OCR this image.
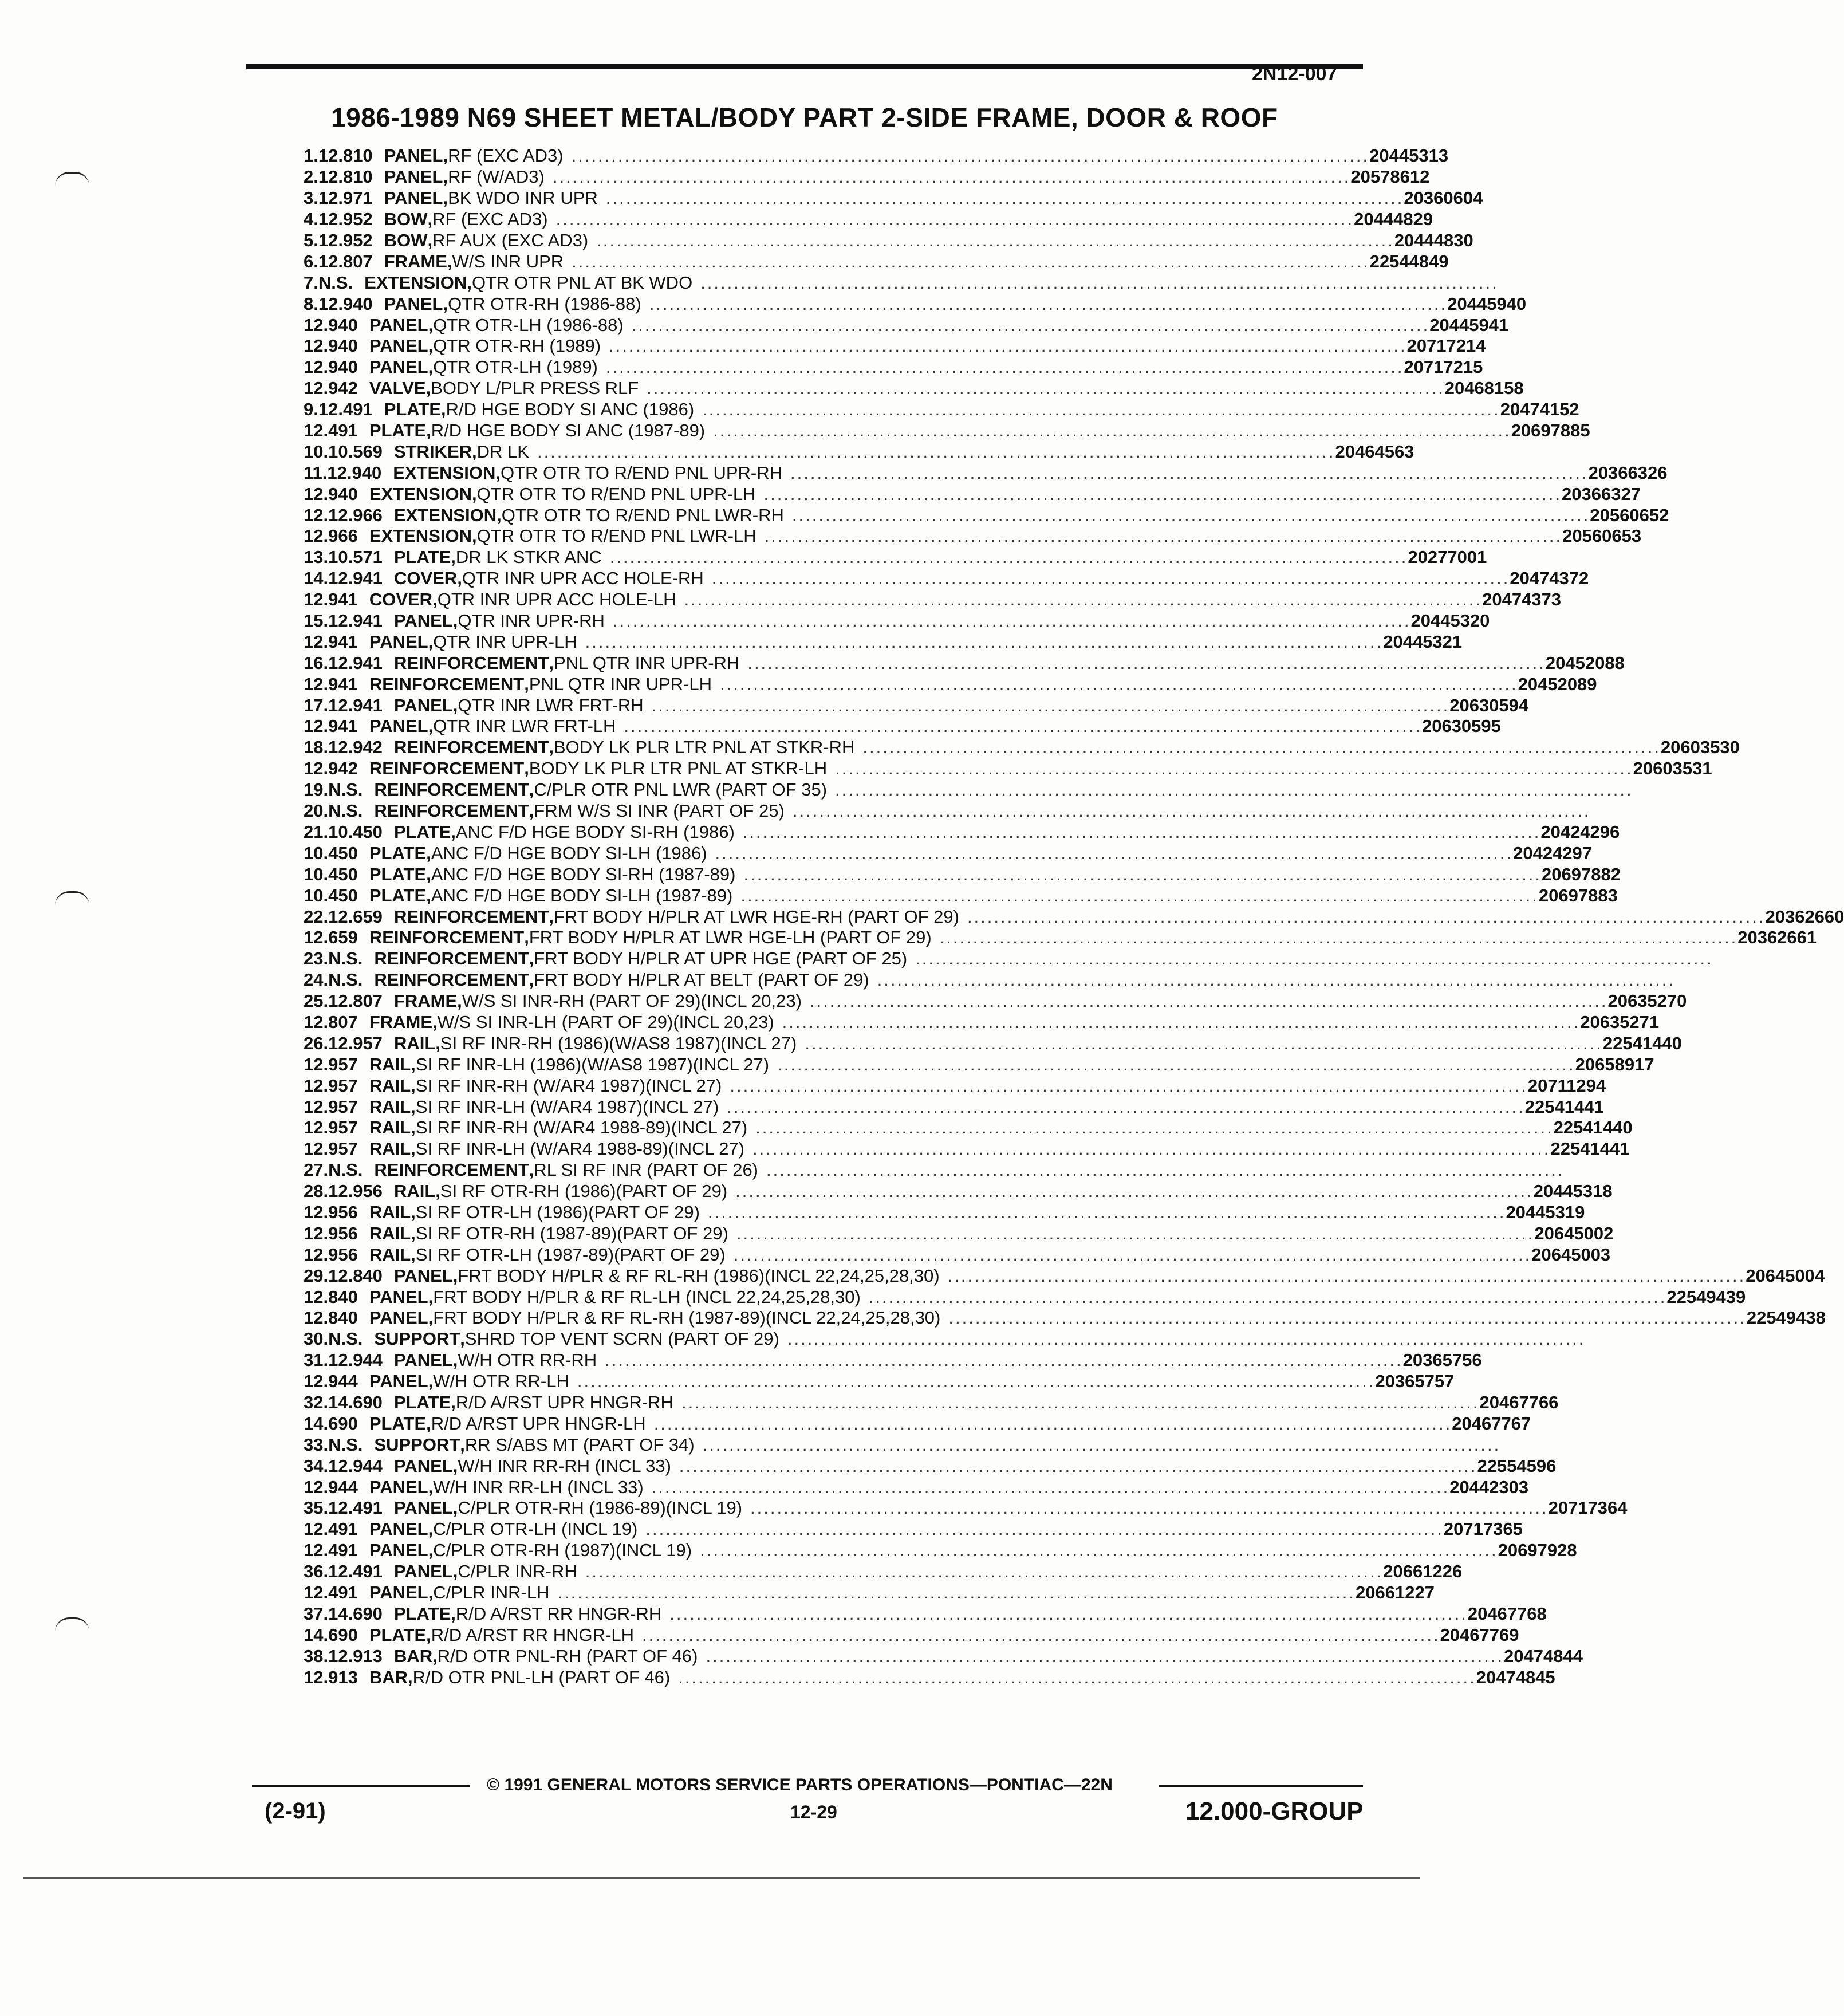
2N12-007
1986-1989 N69 SHEET METAL/BODY PART 2-SIDE FRAME, DOOR & ROOF
1. 12.810 PANEL , RF (EXC AD3) ........................................................................................................................ 20445313
2. 12.810 PANEL , RF (W/AD3) ........................................................................................................................ 20578612
3. 12.971 PANEL , BK WDO INR UPR ........................................................................................................................ 20360604
4. 12.952 BOW , RF (EXC AD3) ........................................................................................................................ 20444829
5. 12.952 BOW , RF AUX (EXC AD3) ........................................................................................................................ 20444830
6. 12.807 FRAME , W/S INR UPR ........................................................................................................................ 22544849
7. N.S. EXTENSION , QTR OTR PNL AT BK WDO ........................................................................................................................
8. 12.940 PANEL , QTR OTR-RH (1986-88) ........................................................................................................................ 20445940
12.940 PANEL , QTR OTR-LH (1986-88) ........................................................................................................................ 20445941
12.940 PANEL , QTR OTR-RH (1989) ........................................................................................................................ 20717214
12.940 PANEL , QTR OTR-LH (1989) ........................................................................................................................ 20717215
12.942 VALVE , BODY L/PLR PRESS RLF ........................................................................................................................ 20468158
9. 12.491 PLATE , R/D HGE BODY SI ANC (1986) ........................................................................................................................ 20474152
12.491 PLATE , R/D HGE BODY SI ANC (1987-89) ........................................................................................................................ 20697885
10. 10.569 STRIKER , DR LK ........................................................................................................................ 20464563
11. 12.940 EXTENSION , QTR OTR TO R/END PNL UPR-RH ........................................................................................................................ 20366326
12.940 EXTENSION , QTR OTR TO R/END PNL UPR-LH ........................................................................................................................ 20366327
12. 12.966 EXTENSION , QTR OTR TO R/END PNL LWR-RH ........................................................................................................................ 20560652
12.966 EXTENSION , QTR OTR TO R/END PNL LWR-LH ........................................................................................................................ 20560653
13. 10.571 PLATE , DR LK STKR ANC ........................................................................................................................ 20277001
14. 12.941 COVER , QTR INR UPR ACC HOLE-RH ........................................................................................................................ 20474372
12.941 COVER , QTR INR UPR ACC HOLE-LH ........................................................................................................................ 20474373
15. 12.941 PANEL , QTR INR UPR-RH ........................................................................................................................ 20445320
12.941 PANEL , QTR INR UPR-LH ........................................................................................................................ 20445321
16. 12.941 REINFORCEMENT , PNL QTR INR UPR-RH ........................................................................................................................ 20452088
12.941 REINFORCEMENT , PNL QTR INR UPR-LH ........................................................................................................................ 20452089
17. 12.941 PANEL , QTR INR LWR FRT-RH ........................................................................................................................ 20630594
12.941 PANEL , QTR INR LWR FRT-LH ........................................................................................................................ 20630595
18. 12.942 REINFORCEMENT , BODY LK PLR LTR PNL AT STKR-RH ........................................................................................................................ 20603530
12.942 REINFORCEMENT , BODY LK PLR LTR PNL AT STKR-LH ........................................................................................................................ 20603531
19. N.S. REINFORCEMENT , C/PLR OTR PNL LWR (PART OF 35) ........................................................................................................................
20. N.S. REINFORCEMENT , FRM W/S SI INR (PART OF 25) ........................................................................................................................
21. 10.450 PLATE , ANC F/D HGE BODY SI-RH (1986) ........................................................................................................................ 20424296
10.450 PLATE , ANC F/D HGE BODY SI-LH (1986) ........................................................................................................................ 20424297
10.450 PLATE , ANC F/D HGE BODY SI-RH (1987-89) ........................................................................................................................ 20697882
10.450 PLATE , ANC F/D HGE BODY SI-LH (1987-89) ........................................................................................................................ 20697883
22. 12.659 REINFORCEMENT , FRT BODY H/PLR AT LWR HGE-RH (PART OF 29) ........................................................................................................................ 20362660
12.659 REINFORCEMENT , FRT BODY H/PLR AT LWR HGE-LH (PART OF 29) ........................................................................................................................ 20362661
23. N.S. REINFORCEMENT , FRT BODY H/PLR AT UPR HGE (PART OF 25) ........................................................................................................................
24. N.S. REINFORCEMENT , FRT BODY H/PLR AT BELT (PART OF 29) ........................................................................................................................
25. 12.807 FRAME , W/S SI INR-RH (PART OF 29)(INCL 20,23) ........................................................................................................................ 20635270
12.807 FRAME , W/S SI INR-LH (PART OF 29)(INCL 20,23) ........................................................................................................................ 20635271
26. 12.957 RAIL , SI RF INR-RH (1986)(W/AS8 1987)(INCL 27) ........................................................................................................................ 22541440
12.957 RAIL , SI RF INR-LH (1986)(W/AS8 1987)(INCL 27) ........................................................................................................................ 20658917
12.957 RAIL , SI RF INR-RH (W/AR4 1987)(INCL 27) ........................................................................................................................ 20711294
12.957 RAIL , SI RF INR-LH (W/AR4 1987)(INCL 27) ........................................................................................................................ 22541441
12.957 RAIL , SI RF INR-RH (W/AR4 1988-89)(INCL 27) ........................................................................................................................ 22541440
12.957 RAIL , SI RF INR-LH (W/AR4 1988-89)(INCL 27) ........................................................................................................................ 22541441
27. N.S. REINFORCEMENT , RL SI RF INR (PART OF 26) ........................................................................................................................
28. 12.956 RAIL , SI RF OTR-RH (1986)(PART OF 29) ........................................................................................................................ 20445318
12.956 RAIL , SI RF OTR-LH (1986)(PART OF 29) ........................................................................................................................ 20445319
12.956 RAIL , SI RF OTR-RH (1987-89)(PART OF 29) ........................................................................................................................ 20645002
12.956 RAIL , SI RF OTR-LH (1987-89)(PART OF 29) ........................................................................................................................ 20645003
29. 12.840 PANEL , FRT BODY H/PLR & RF RL-RH (1986)(INCL 22,24,25,28,30) ........................................................................................................................ 20645004
12.840 PANEL , FRT BODY H/PLR & RF RL-LH (INCL 22,24,25,28,30) ........................................................................................................................ 22549439
12.840 PANEL , FRT BODY H/PLR & RF RL-RH (1987-89)(INCL 22,24,25,28,30) ........................................................................................................................ 22549438
30. N.S. SUPPORT , SHRD TOP VENT SCRN (PART OF 29) ........................................................................................................................
31. 12.944 PANEL , W/H OTR RR-RH ........................................................................................................................ 20365756
12.944 PANEL , W/H OTR RR-LH ........................................................................................................................ 20365757
32. 14.690 PLATE , R/D A/RST UPR HNGR-RH ........................................................................................................................ 20467766
14.690 PLATE , R/D A/RST UPR HNGR-LH ........................................................................................................................ 20467767
33. N.S. SUPPORT , RR S/ABS MT (PART OF 34) ........................................................................................................................
34. 12.944 PANEL , W/H INR RR-RH (INCL 33) ........................................................................................................................ 22554596
12.944 PANEL , W/H INR RR-LH (INCL 33) ........................................................................................................................ 20442303
35. 12.491 PANEL , C/PLR OTR-RH (1986-89)(INCL 19) ........................................................................................................................ 20717364
12.491 PANEL , C/PLR OTR-LH (INCL 19) ........................................................................................................................ 20717365
12.491 PANEL , C/PLR OTR-RH (1987)(INCL 19) ........................................................................................................................ 20697928
36. 12.491 PANEL , C/PLR INR-RH ........................................................................................................................ 20661226
12.491 PANEL , C/PLR INR-LH ........................................................................................................................ 20661227
37. 14.690 PLATE , R/D A/RST RR HNGR-RH ........................................................................................................................ 20467768
14.690 PLATE , R/D A/RST RR HNGR-LH ........................................................................................................................ 20467769
38. 12.913 BAR , R/D OTR PNL-RH (PART OF 46) ........................................................................................................................ 20474844
12.913 BAR , R/D OTR PNL-LH (PART OF 46) ........................................................................................................................ 20474845
© 1991 GENERAL MOTORS SERVICE PARTS OPERATIONS—PONTIAC—22N
(2-91)	12-29	12.000-GROUP
